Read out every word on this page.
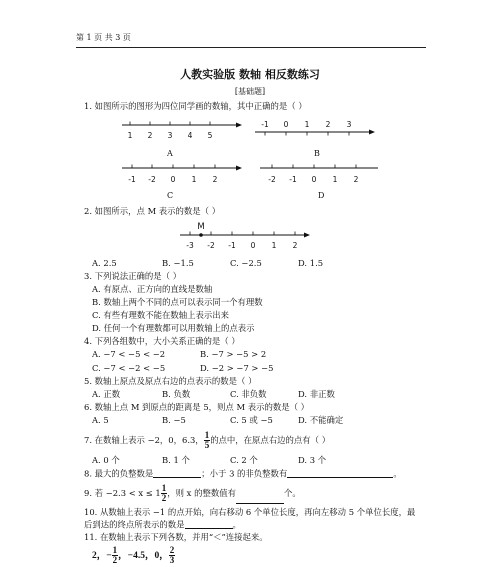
第 1 页 共 3 页
人教实验版 数轴 相反数练习
[基础题]
1. 如图所示的图形为四位同学画的数轴，其中正确的是（ ）
1 2 3 4 5
A
-1 0 1 2 3
B
-1 -2 0 1 2
C
-2 -1 0 1 2
D
2. 如图所示，点 M 表示的数是（ ）
M
-3 -2 -1 0 1 2
A. 2.5	B. −1.5	C. −2.5	D. 1.5
3. 下列说法正确的是（ ）
A. 有原点、正方向的直线是数轴
B. 数轴上两个不同的点可以表示同一个有理数
C. 有些有理数不能在数轴上表示出来
D. 任何一个有理数都可以用数轴上的点表示
4. 下列各组数中，大小关系正确的是（ ）
A. −7 < −5 < −2	B. −7 > −5 > 2
C. −7 < −2 < −5	D. −2 > −7 > −5
5. 数轴上原点及原点右边的点表示的数是（ ）
A. 正数	B. 负数	C. 非负数	D. 非正数
6. 数轴上点 M 到原点的距离是 5，则点 M 表示的数是（ ）
A. 5	B. −5	C. 5 或 −5	D. 不能确定
7. 在数轴上表示 −2，0，6.3， $\frac{1}{5}$ 的点中，在原点右边的点有（ ）
A. 0 个	B. 1 个	C. 2 个	D. 3 个
8. 最大的负整数是	；小于 3 的非负整数有	。
9. 若 $-2.3 < x \le 1 \frac{1}{2}$ ，则 x 的整数值有	个。
10. 从数轴上表示 −1 的点开始，向右移动 6 个单位长度，再向左移动 5 个单位长度，最
后到达的终点所表示的数是	。
11. 在数轴上表示下列各数，并用“＜”连接起来。
2，− $\frac{1}{2}$ ，−4.5，0， $\frac{2}{3}$
